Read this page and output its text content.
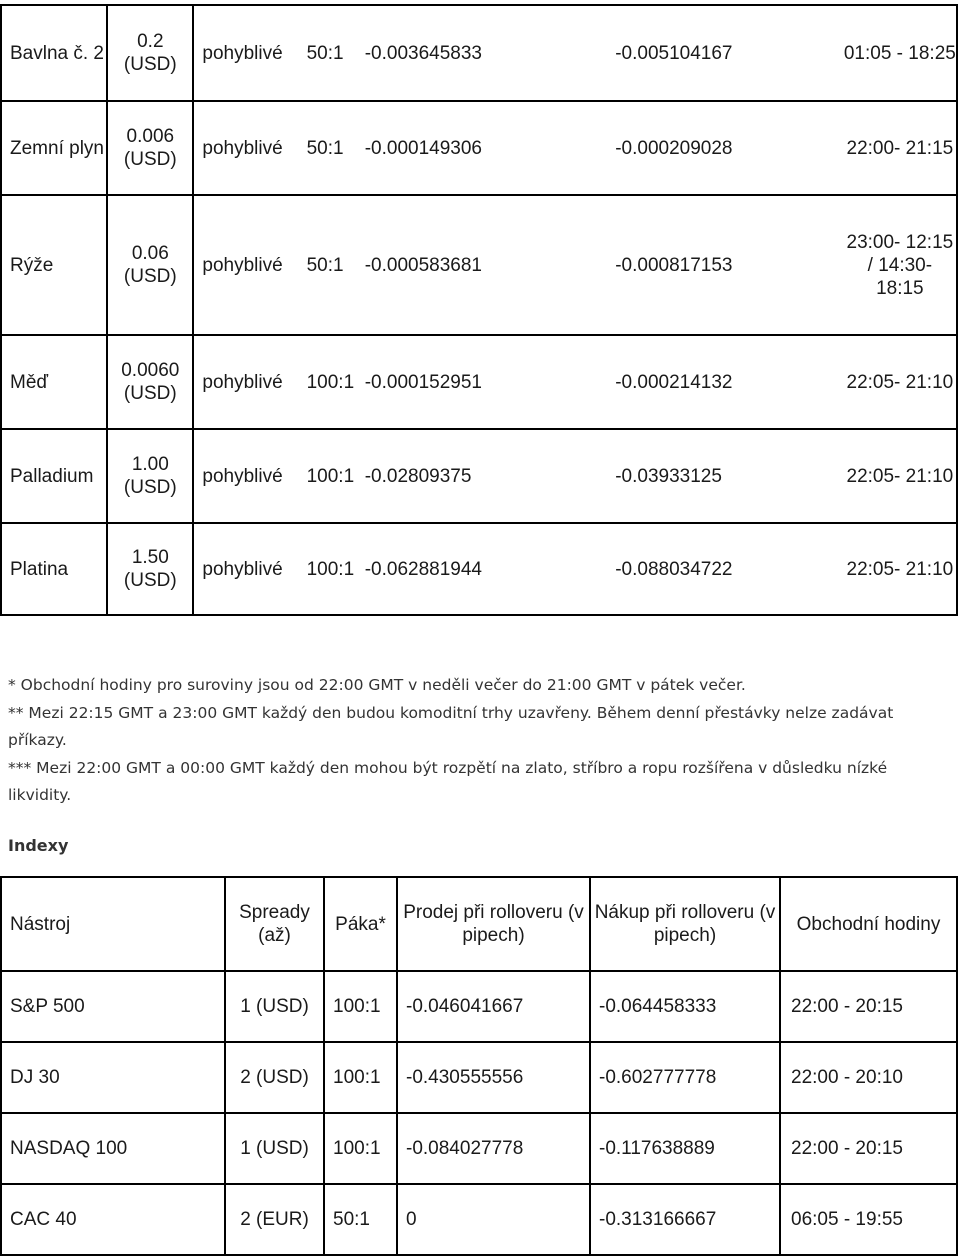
Bavlna č. 2	0.2 (USD)	pohyblivé	50:1	-0.003645833	-0.005104167	01:05 - 18:25
Zemní plyn	0.006 (USD)	pohyblivé	50:1	-0.000149306	-0.000209028	22:00- 21:15
Rýže	0.06 (USD)	pohyblivé	50:1	-0.000583681	-0.000817153	23:00- 12:15 / 14:30- 18:15
Měď	0.0060 (USD)	pohyblivé	100:1	-0.000152951	-0.000214132	22:05- 21:10
Palladium	1.00 (USD)	pohyblivé	100:1	-0.02809375	-0.03933125	22:05- 21:10
Platina	1.50 (USD)	pohyblivé	100:1	-0.062881944	-0.088034722	22:05- 21:10

* Obchodní hodiny pro suroviny jsou od 22:00 GMT v neděli večer do 21:00 GMT v pátek večer.

** Mezi 22:15 GMT a 23:00 GMT každý den budou komoditní trhy uzavřeny. Během denní přestávky nelze zadávat příkazy.

*** Mezi 22:00 GMT a 00:00 GMT každý den mohou být rozpětí na zlato, stříbro a ropu rozšířena v důsledku nízké likvidity.

Indexy
Nástroj	Spready (až)	Páka*	Prodej při rolloveru (v pipech)	Nákup při rolloveru (v pipech)	Obchodní hodiny
S&P 500	1 (USD)	100:1	-0.046041667	-0.064458333	22:00 - 20:15
DJ 30	2 (USD)	100:1	-0.430555556	-0.602777778	22:00 - 20:10
NASDAQ 100	1 (USD)	100:1	-0.084027778	-0.117638889	22:00 - 20:15
CAC 40	2 (EUR)	50:1	0	-0.313166667	06:05 - 19:55
